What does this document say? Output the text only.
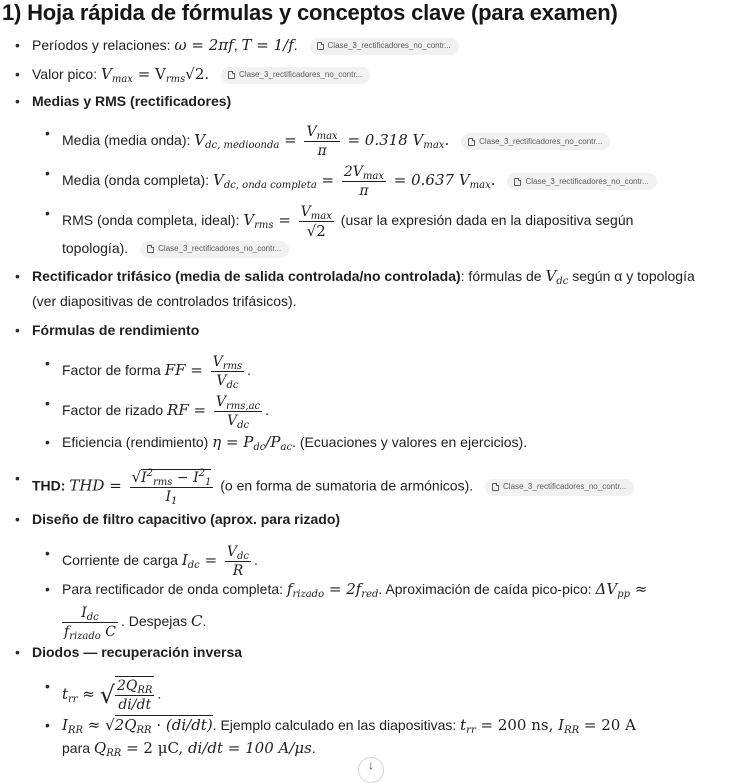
1) Hoja rápida de fórmulas y conceptos clave (para examen)
• Períodos y relaciones: ω = 2πf, T = 1/f.	Clase_3_rectificadores_no_contr...
• Valor pico: $V_{max} = V_{rms}√2$.	Clase_3_rectificadores_no_contr...
• Medias y RMS (rectificadores)
• Media (media onda): $V_{dc, medioonda} = \frac{V_{max}}{\pi} = 0.318$ $V_{max}$.	Clase_3_rectificadores_no_contr...
• Media (onda completa): $V_{dc, onda completa} = \frac{2V_{max}}{\pi} = 0.637$ $V_{max}$.	Clase_3_rectificadores_no_contr...
• RMS (onda completa, ideal): $V_{rms} = \frac{V_{max}}{√2}$ (usar la expresión dada en la diapositiva según
topología).	Clase_3_rectificadores_no_contr...
• Rectificador trifásico (media de salida controlada/no controlada): fórmulas de $V_{dc}$ según α y topología
(ver diapositivas de controlados trifásicos).
• Fórmulas de rendimiento
• Factor de forma FF = $\frac{V_{rms}}{V_{dc}}$ .
• Factor de rizado RF = $\frac{V_{rms,ac}}{V_{dc}}$ .
• Eficiencia (rendimiento) $\eta = P_{dc}/P_{ac}$. (Ecuaciones y valores en ejercicios).
• THD: THD = $\frac{√I^2_{rms} - I^2_1}{I_1} (o$ en forma de sumatoria de armónicos).	Clase_3_rectificadores_no_contr...
• Diseño de filtro capacitivo (aprox. para rizado)
• Corriente de carga $I_{dc} = \frac{V_{dc}}{R}$ .
• Para rectificador de onda completa: $f_{rizado} = 2f_{red}$. Aproximación de caída pico-pico: $\Delta V_{pp}$ ≈
$\frac{I_{dc}}{f_{rizado} C}$ . Despejas C.
• Diodos — recuperación inversa
• $t_{rr}$ ≈ √ $\frac{2Q_{RR}}{di/dt}$ .
• $I_{RR} \approx √2Q_{RR} \cdot (di/dt)$. Ejemplo calculado en las diapositivas: $t_{rr} = 200$ ns, $I_{RR} = 20$ A
para $Q_{RR} = 2$ μC, di/dt = 100 A/μs.
↓
